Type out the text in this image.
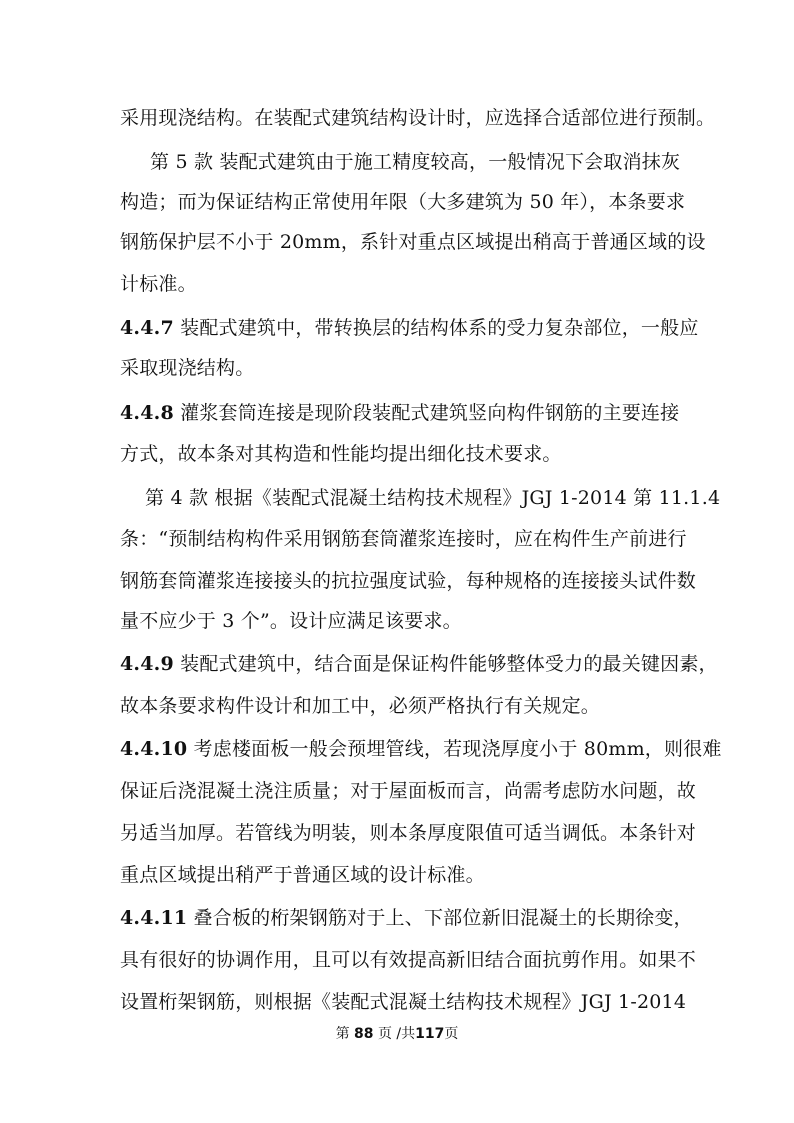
采用现浇结构。在装配式建筑结构设计时，应选择合适部位进行预制。
第 5 款 装配式建筑由于施工精度较高，一般情况下会取消抹灰
构造；而为保证结构正常使用年限（大多建筑为 50 年），本条要求
钢筋保护层不小于 20mm，系针对重点区域提出稍高于普通区域的设
计标准。
4.4.7 装配式建筑中，带转换层的结构体系的受力复杂部位，一般应
采取现浇结构。
4.4.8 灌浆套筒连接是现阶段装配式建筑竖向构件钢筋的主要连接
方式，故本条对其构造和性能均提出细化技术要求。
第 4 款 根据《装配式混凝土结构技术规程》JGJ 1-2014 第 11.1.4
条：“预制结构构件采用钢筋套筒灌浆连接时，应在构件生产前进行
钢筋套筒灌浆连接接头的抗拉强度试验，每种规格的连接接头试件数
量不应少于 3 个”。设计应满足该要求。
4.4.9 装配式建筑中，结合面是保证构件能够整体受力的最关键因素，
故本条要求构件设计和加工中，必须严格执行有关规定。
4.4.10 考虑楼面板一般会预埋管线，若现浇厚度小于 80mm，则很难
保证后浇混凝土浇注质量；对于屋面板而言，尚需考虑防水问题，故
另适当加厚。若管线为明装，则本条厚度限值可适当调低。本条针对
重点区域提出稍严于普通区域的设计标准。
4.4.11 叠合板的桁架钢筋对于上、下部位新旧混凝土的长期徐变，
具有很好的协调作用，且可以有效提高新旧结合面抗剪作用。如果不
设置桁架钢筋，则根据《装配式混凝土结构技术规程》JGJ 1-2014
第 88 页 /共117页
